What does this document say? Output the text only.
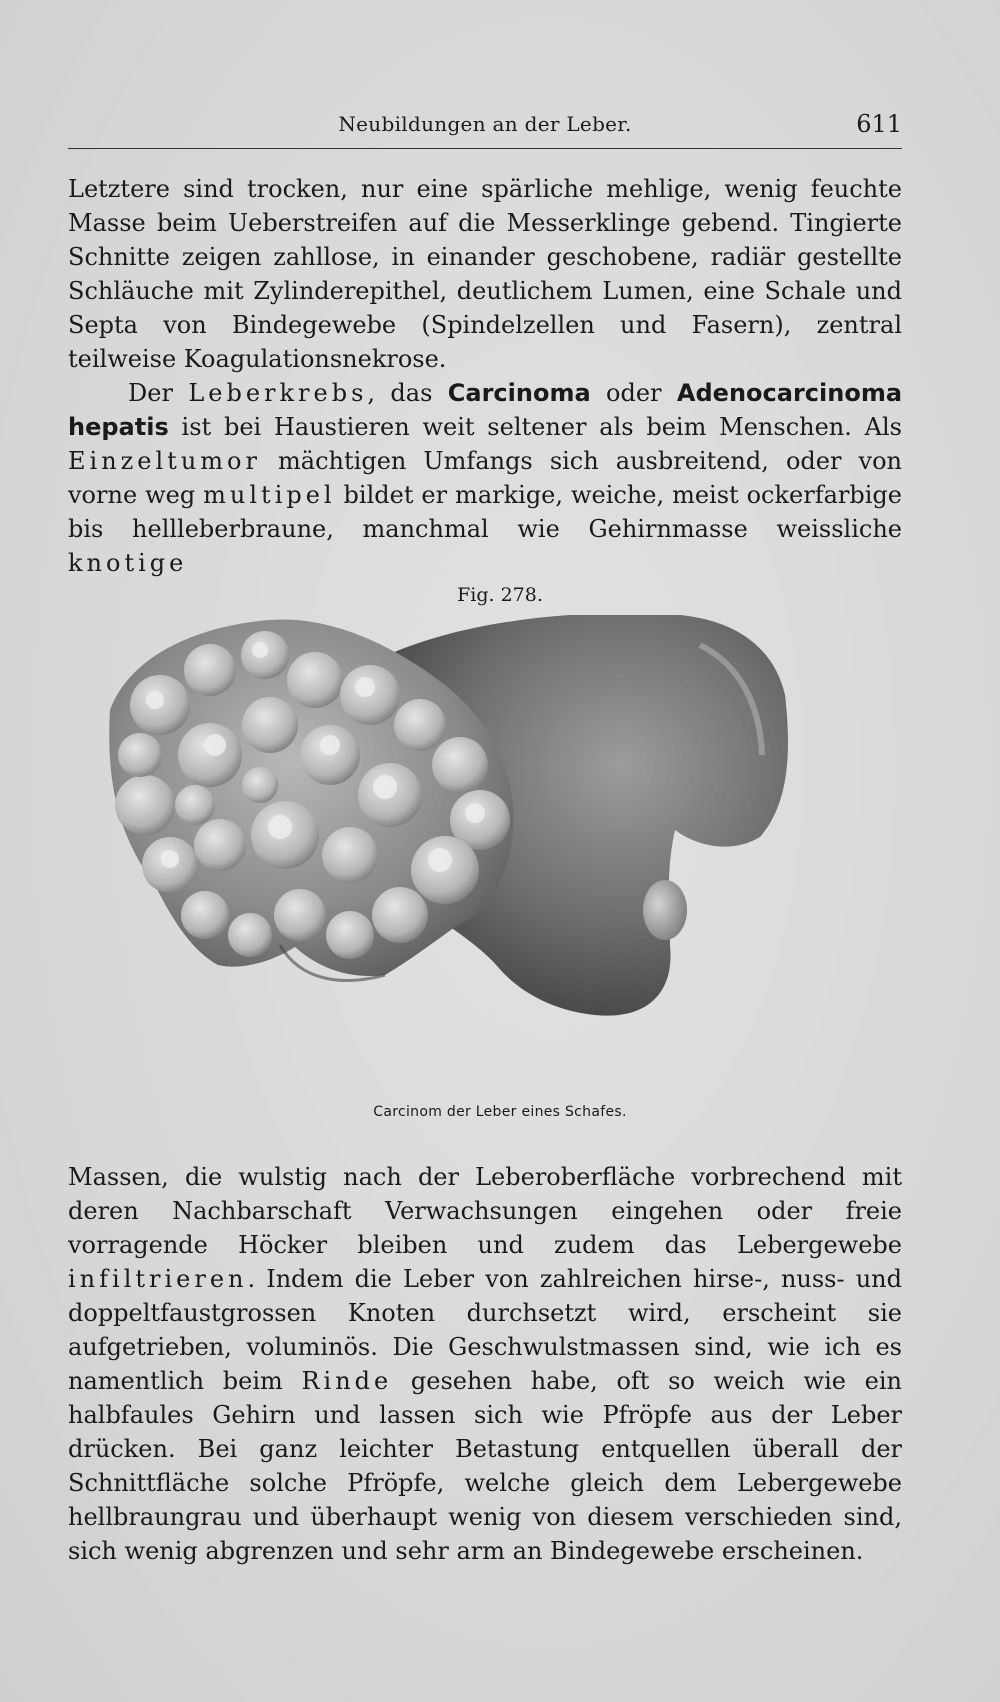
Neubildungen an der Leber.	611

Letztere sind trocken, nur eine spärliche mehlige, wenig feuchte Masse beim Ueberstreifen auf die Messerklinge gebend. Tingierte Schnitte zeigen zahllose, in einander geschobene, radiär gestellte Schläuche mit Zylinderepithel, deutlichem Lumen, eine Schale und Septa von Bindegewebe (Spindelzellen und Fasern), zentral teilweise Koagulationsnekrose.

Der Leberkrebs, das Carcinoma oder Adenocarcinoma hepatis ist bei Haustieren weit seltener als beim Menschen. Als Einzeltumor mächtigen Umfangs sich ausbreitend, oder von vorne weg multipel bildet er markige, weiche, meist ockerfarbige bis hellleberbraune, manchmal wie Gehirnmasse weissliche knotige

Fig. 278.
Carcinom der Leber eines Schafes.

Massen, die wulstig nach der Leberoberfläche vorbrechend mit deren Nachbarschaft Verwachsungen eingehen oder freie vorragende Höcker bleiben und zudem das Lebergewebe infiltrieren. Indem die Leber von zahlreichen hirse-, nuss- und doppeltfaustgrossen Knoten durchsetzt wird, erscheint sie aufgetrieben, voluminös. Die Geschwulstmassen sind, wie ich es namentlich beim Rinde gesehen habe, oft so weich wie ein halbfaules Gehirn und lassen sich wie Pfröpfe aus der Leber drücken. Bei ganz leichter Betastung entquellen überall der Schnittfläche solche Pfröpfe, welche gleich dem Lebergewebe hellbraungrau und überhaupt wenig von diesem verschieden sind, sich wenig abgrenzen und sehr arm an Bindegewebe erscheinen.
